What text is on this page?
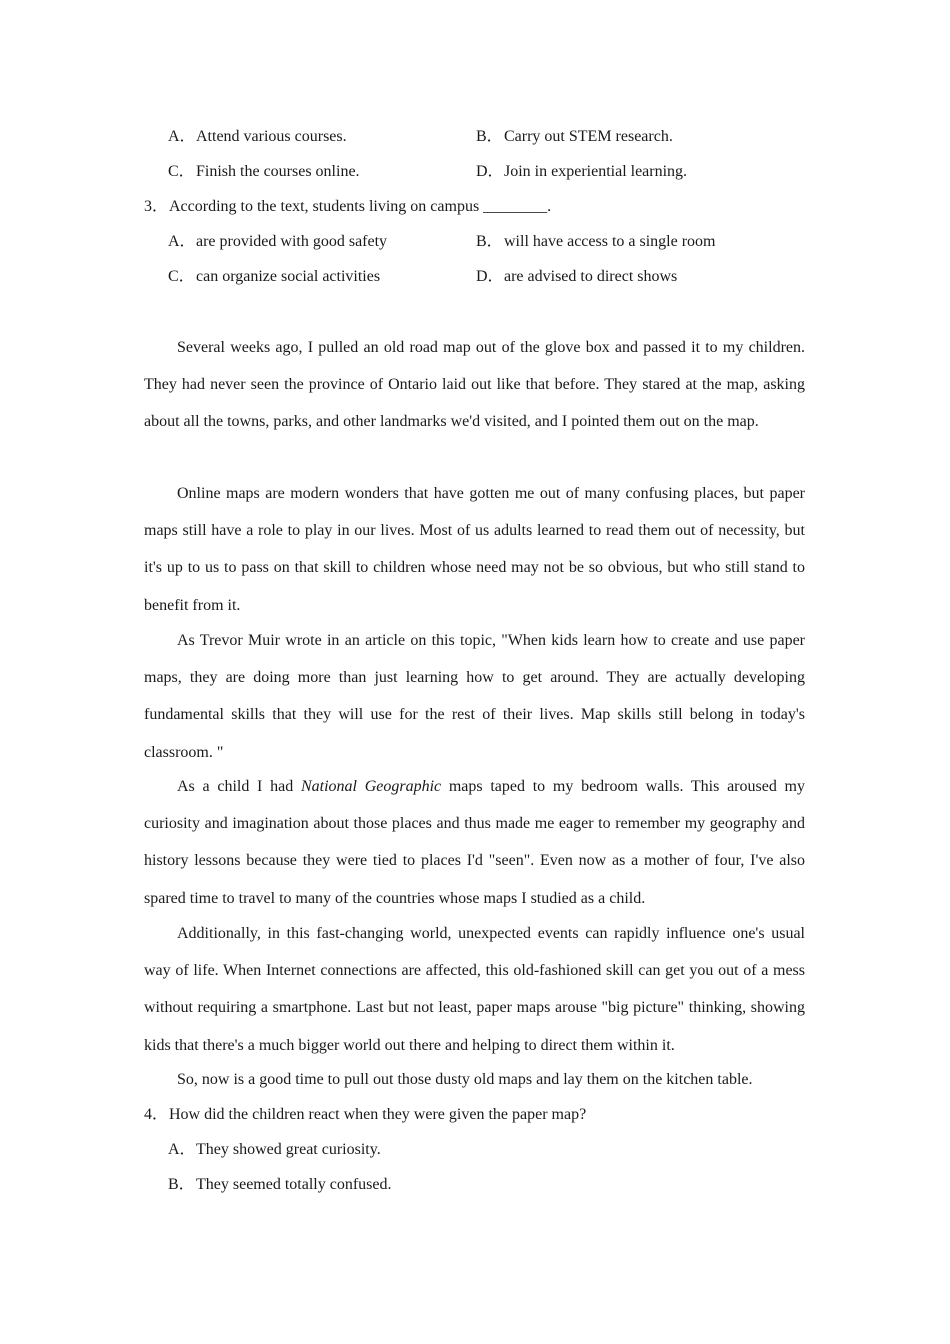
A．Attend various courses.	B．Carry out STEM research.
C．Finish the courses online.	D．Join in experiential learning.
3．According to the text, students living on campus ________.
A．are provided with good safety	B．will have access to a single room
C．can organize social activities	D．are advised to direct shows

Several weeks ago, I pulled an old road map out of the glove box and passed it to my children. They had never seen the province of Ontario laid out like that before. They stared at the map, asking about all the towns, parks, and other landmarks we'd visited, and I pointed them out on the map.

Online maps are modern wonders that have gotten me out of many confusing places, but paper maps still have a role to play in our lives. Most of us adults learned to read them out of necessity, but it's up to us to pass on that skill to children whose need may not be so obvious, but who still stand to benefit from it.

As Trevor Muir wrote in an article on this topic, "When kids learn how to create and use paper maps, they are doing more than just learning how to get around. They are actually developing fundamental skills that they will use for the rest of their lives. Map skills still belong in today's classroom. "

As a child I had National Geographic maps taped to my bedroom walls. This aroused my curiosity and imagination about those places and thus made me eager to remember my geography and history lessons because they were tied to places I'd "seen". Even now as a mother of four, I've also spared time to travel to many of the countries whose maps I studied as a child.

Additionally, in this fast-changing world, unexpected events can rapidly influence one's usual way of life. When Internet connections are affected, this old-fashioned skill can get you out of a mess without requiring a smartphone. Last but not least, paper maps arouse "big picture" thinking, showing kids that there's a much bigger world out there and helping to direct them within it.

So, now is a good time to pull out those dusty old maps and lay them on the kitchen table.

4．How did the children react when they were given the paper map?
A．They showed great curiosity.
B．They seemed totally confused.
